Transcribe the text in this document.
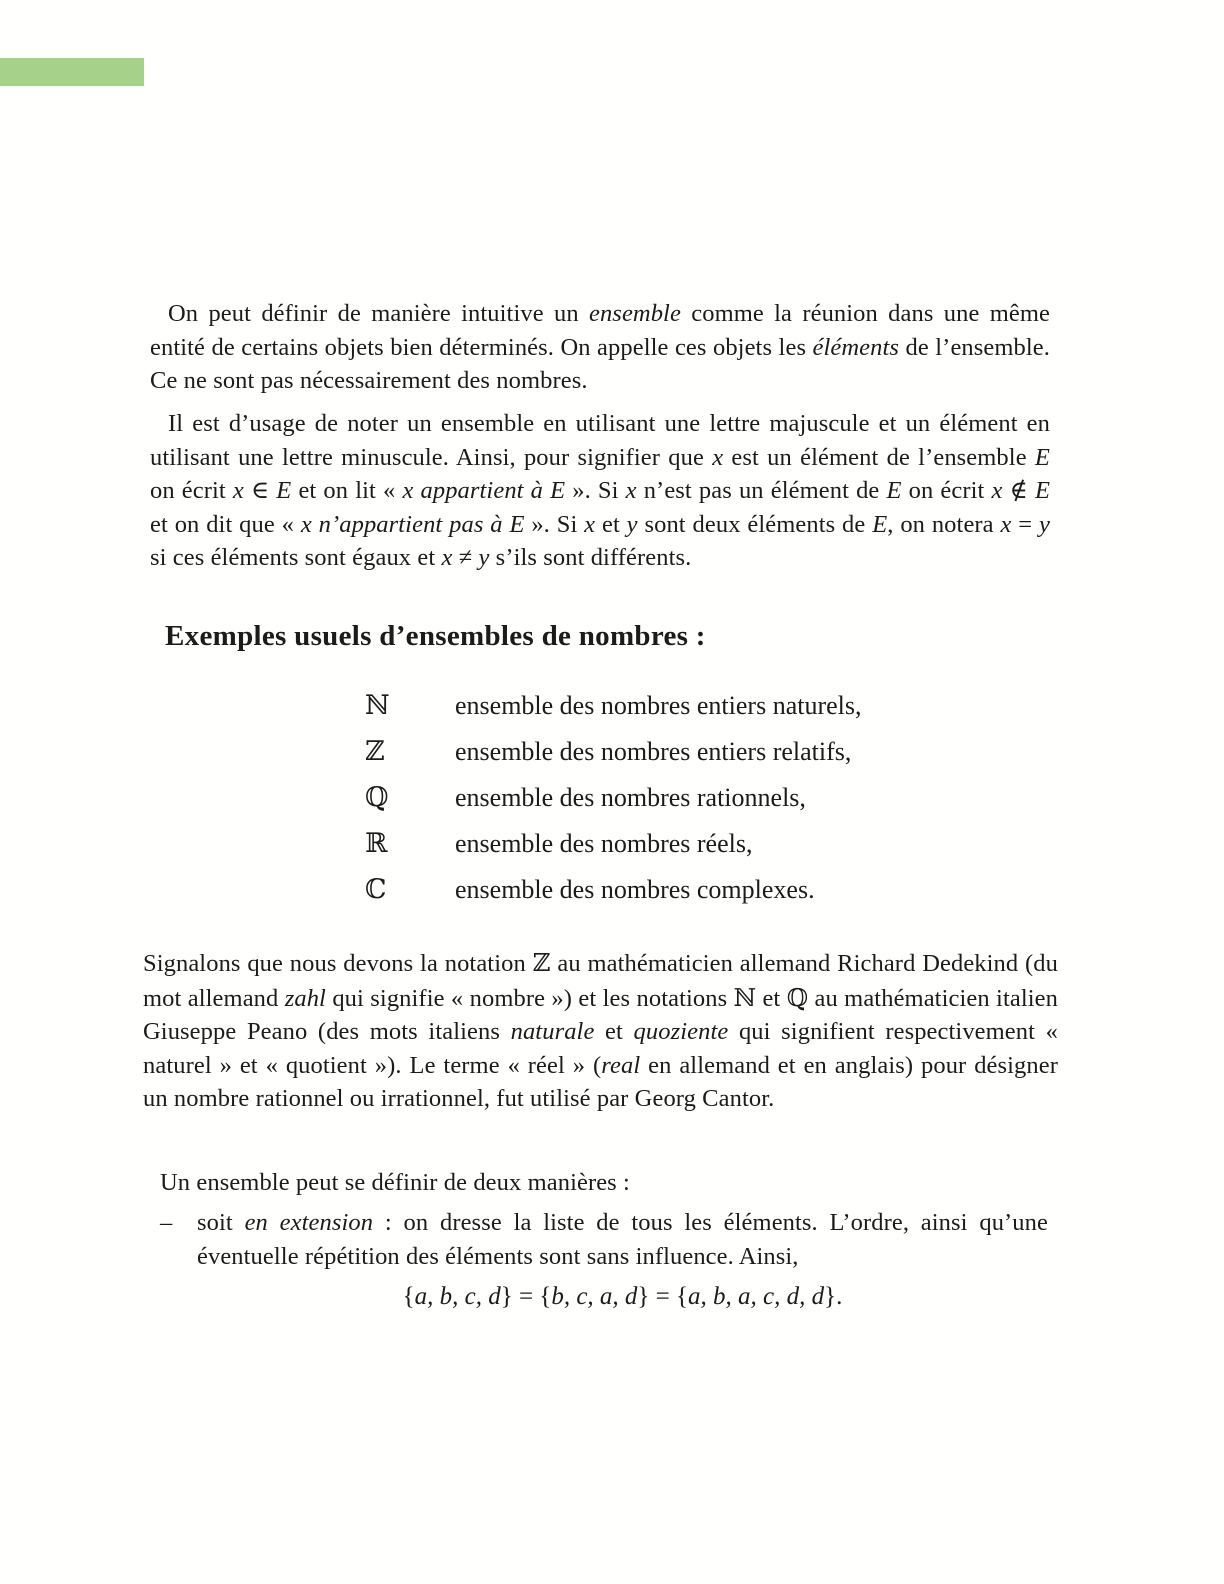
On peut définir de manière intuitive un ensemble comme la réunion dans une même entité de certains objets bien déterminés. On appelle ces objets les éléments de l’ensemble. Ce ne sont pas nécessairement des nombres.

Il est d’usage de noter un ensemble en utilisant une lettre majuscule et un élément en utilisant une lettre minuscule. Ainsi, pour signifier que x est un élément de l’ensemble E on écrit x ∈ E et on lit « x appartient à E ». Si x n’est pas un élément de E on écrit x ∉ E et on dit que « x n’appartient pas à E ». Si x et y sont deux éléments de E, on notera x = y si ces éléments sont égaux et x ≠ y s’ils sont différents.

Exemples usuels d’ensembles de nombres :
ℕ	ensemble des nombres entiers naturels,
ℤ	ensemble des nombres entiers relatifs,
ℚ	ensemble des nombres rationnels,
ℝ	ensemble des nombres réels,
ℂ	ensemble des nombres complexes.

Signalons que nous devons la notation ℤ au mathématicien allemand Richard Dedekind (du mot allemand zahl qui signifie « nombre ») et les notations ℕ et ℚ au mathématicien italien Giuseppe Peano (des mots italiens naturale et quoziente qui signifient respectivement « naturel » et « quotient »). Le terme « réel » (real en allemand et en anglais) pour désigner un nombre rationnel ou irrationnel, fut utilisé par Georg Cantor.

Un ensemble peut se définir de deux manières :

– soit en extension : on dresse la liste de tous les éléments. L’ordre, ainsi qu’une éventuelle répétition des éléments sont sans influence. Ainsi,
{a, b, c, d} = {b, c, a, d} = {a, b, a, c, d, d}.
